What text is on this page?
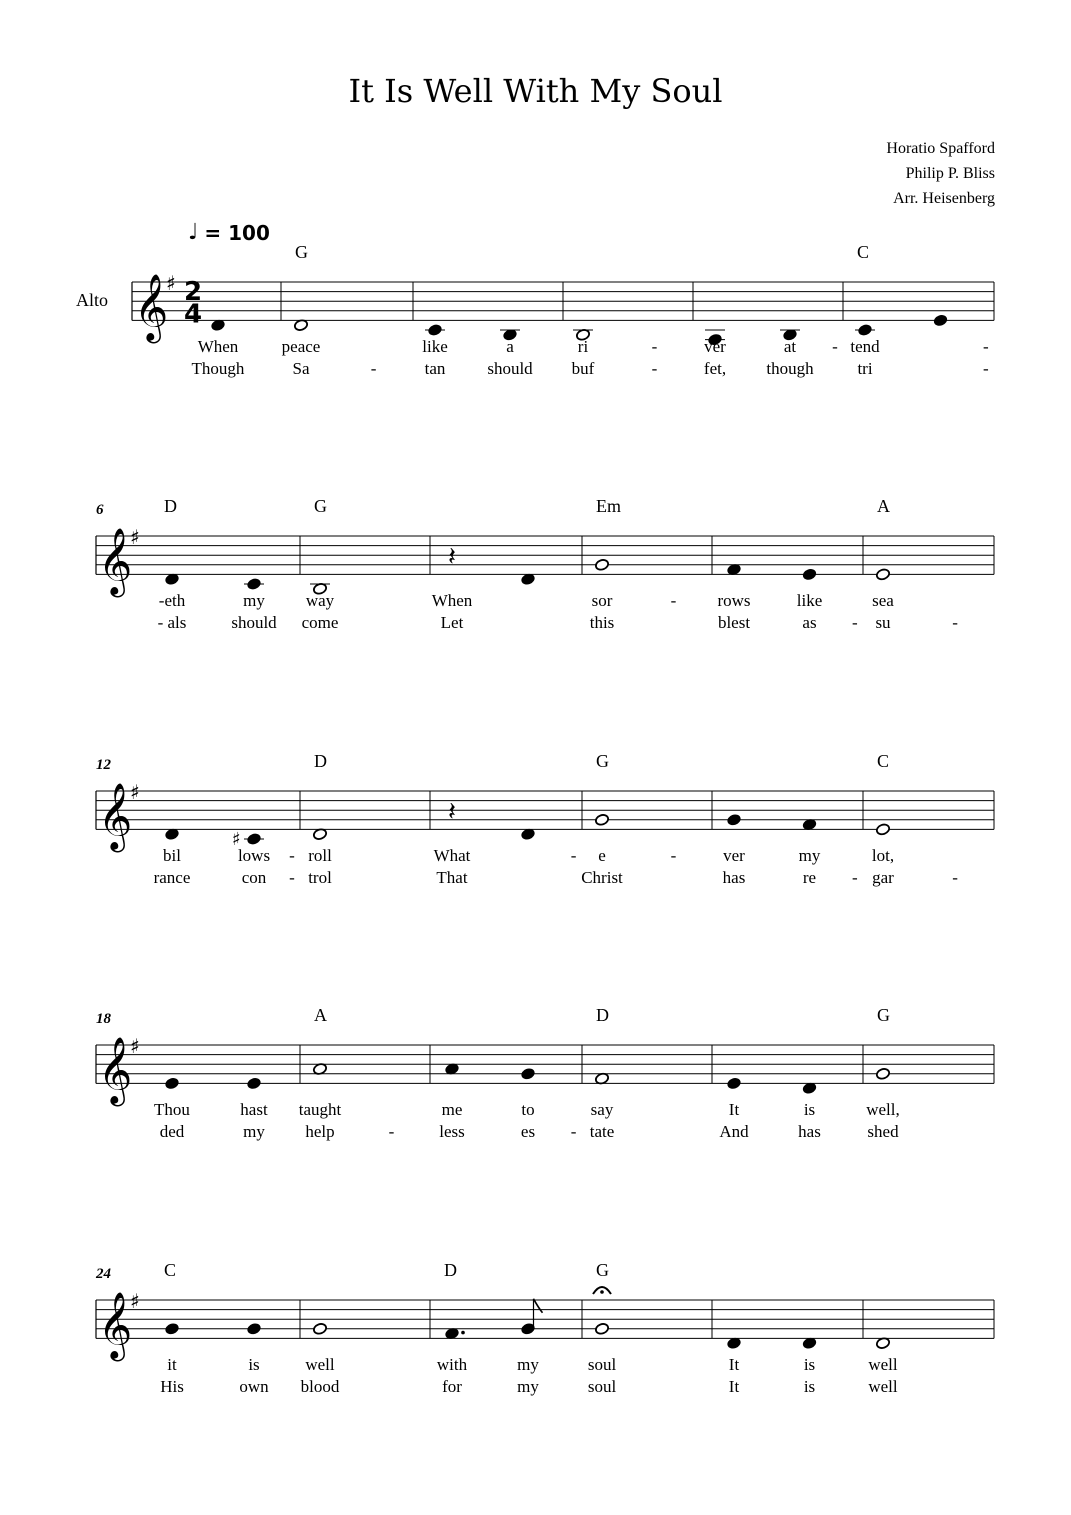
It Is Well With My Soul
Horatio Spafford
Philip P. Bliss
Arr. Heisenberg
♩ = 100
Alto 𝄞
♯ 2
4
When
Though
G
peace
Sa	-
like	a
tan should
ri	-
buf	-
ver	at -
fet, though
C
tend	-
tri	-
𝄞
♯
6	D
-eth	my
- als	should
G
way
come
𝄽
When
Let
Em
sor	-
this
rows	like
blest	as -
A
sea
su	-
𝄞
♯
12
♯
bil	lows -
rance	con -
D
roll
trol
𝄽
What	-
That
G
e	-
Christ
ver	my
has	re -
C
lot,
gar	-
𝄞
♯
18
Thou	hast
ded	my
A
taught
help	-
me	to
less	es -
D
say
tate
It	is
And	has
G
well,
shed
𝄞
♯
24	C
it	is
His	own
well
blood
D
with	my
for	my
G
soul
soul
It	is
It	is
well
well
